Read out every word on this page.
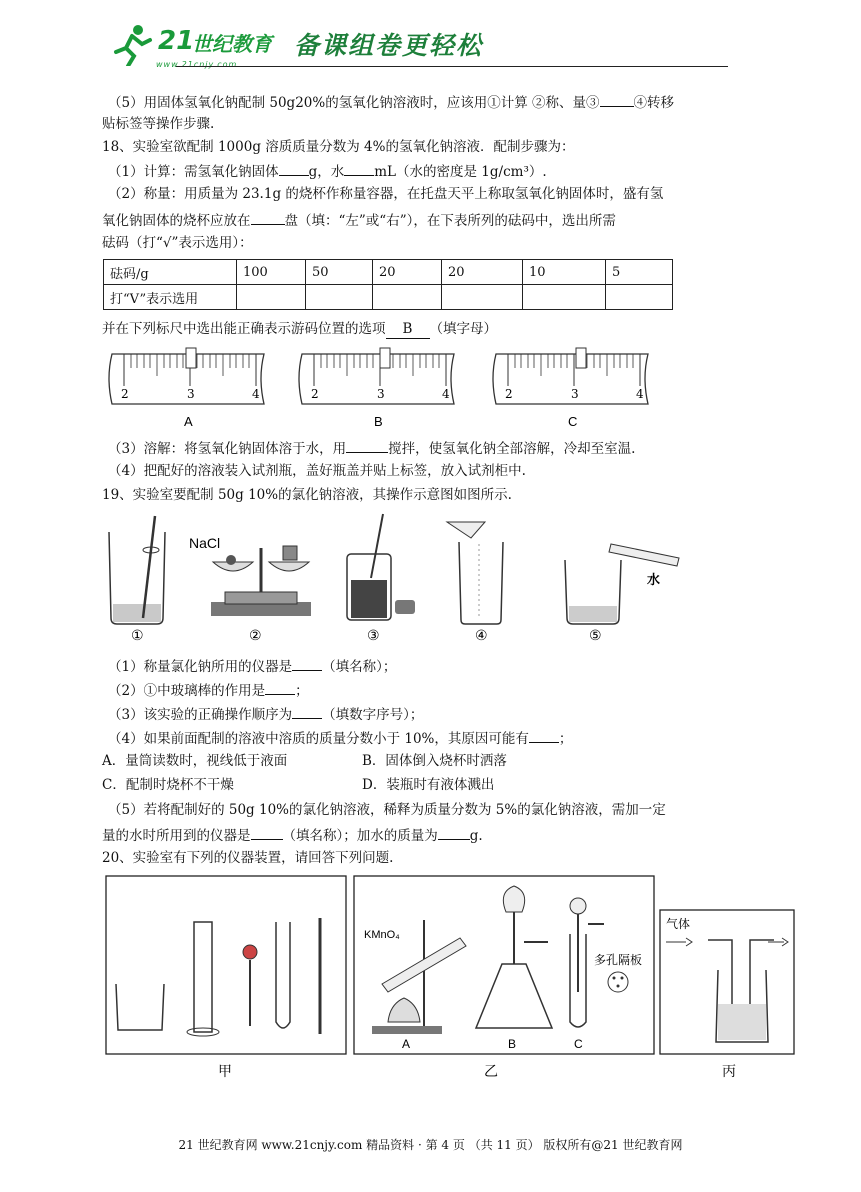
21
世纪教育
www.21cnjy.com
备课组卷更轻松
（5）用固体氢氧化钠配制 50g20%的氢氧化钠溶液时，应该用①计算 ②称、量③	④转移
贴标签等操作步骤.
18、实验室欲配制 1000g 溶质质量分数为 4%的氢氧化钠溶液．配制步骤为：
（1）计算：需氢氧化钠固体 g，水 mL（水的密度是 1g/cm³）.
（2）称量：用质量为 23.1g 的烧杯作称量容器，在托盘天平上称取氢氧化钠固体时，盛有氢
氧化钠固体的烧杯应放在	盘（填：“左”或“右”），在下表所列的砝码中，选出所需
砝码（打“√”表示选用）：
砝码/g	100	50	20	20	10	5
打“V”表示选用						
并在下列标尺中选出能正确表示游码位置的选项 B （填字母）
2	3	4
A
2	3	4
B
2	3	4
C
（3）溶解：将氢氧化钠固体溶于水，用	搅拌，使氢氧化钠全部溶解，冷却至室温.
（4）把配好的溶液装入试剂瓶，盖好瓶盖并贴上标签，放入试剂柜中.
19、实验室要配制 50g 10%的氯化钠溶液，其操作示意图如图所示.
NaCl
水
①	②	③	④	⑤
（1）称量氯化钠所用的仪器是 （填名称）；
（2）①中玻璃棒的作用是 ；
（3）该实验的正确操作顺序为 （填数字序号）；
（4）如果前面配制的溶液中溶质的质量分数小于 10%，其原因可能有 ；
A．量筒读数时，视线低于液面	B．固体倒入烧杯时洒落
C．配制时烧杯不干燥	D．装瓶时有液体溅出
（5）若将配制好的 50g 10%的氯化钠溶液，稀释为质量分数为 5%的氯化钠溶液，需加一定
量的水时所用到的仪器是 （填名称）；加水的质量为 g.
20、实验室有下列的仪器装置，请回答下列问题.
甲
KMnO₄
A	B
多孔隔板
C
乙
气体
丙
21 世纪教育网 www.21cnjy.com 精品资料 · 第 4 页 （共 11 页） 版权所有@21 世纪教育网
